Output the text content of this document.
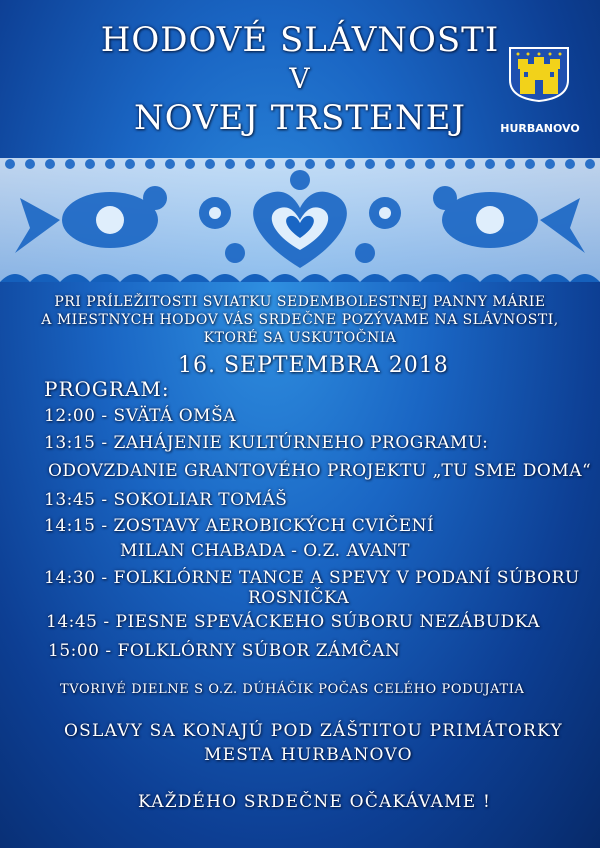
HODOVÉ SLÁVNOSTI
V
NOVEJ TRSTENEJ	HURBANOVO
PRI PRÍLEŽITOSTI SVIATKU SEDEMBOLESTNEJ PANNY MÁRIE
A MIESTNYCH HODOV VÁS SRDEČNE POZÝVAME NA SLÁVNOSTI,
KTORÉ SA USKUTOČNIA
16. SEPTEMBRA 2018
PROGRAM:
12:00 - SVÄTÁ OMŠA
13:15 - ZAHÁJENIE KULTÚRNEHO PROGRAMU:
ODOVZDANIE GRANTOVÉHO PROJEKTU „TU SME DOMA“
13:45 - SOKOLIAR TOMÁŠ
14:15 - ZOSTAVY AEROBICKÝCH CVIČENÍ
MILAN CHABADA - O.Z. AVANT
14:30 - FOLKLÓRNE TANCE A SPEVY V PODANÍ SÚBORU
ROSNIČKA
14:45 - PIESNE SPEVÁCKEHO SÚBORU NEZÁBUDKA
15:00 - FOLKLÓRNY SÚBOR ZÁMČAN
TVORIVÉ DIELNE S O.Z. DÚHÁČIK POČAS CELÉHO PODUJATIA
OSLAVY SA KONAJÚ POD ZÁŠTITOU PRIMÁTORKY
MESTA HURBANOVO
KAŽDÉHO SRDEČNE OČAKÁVAME !
